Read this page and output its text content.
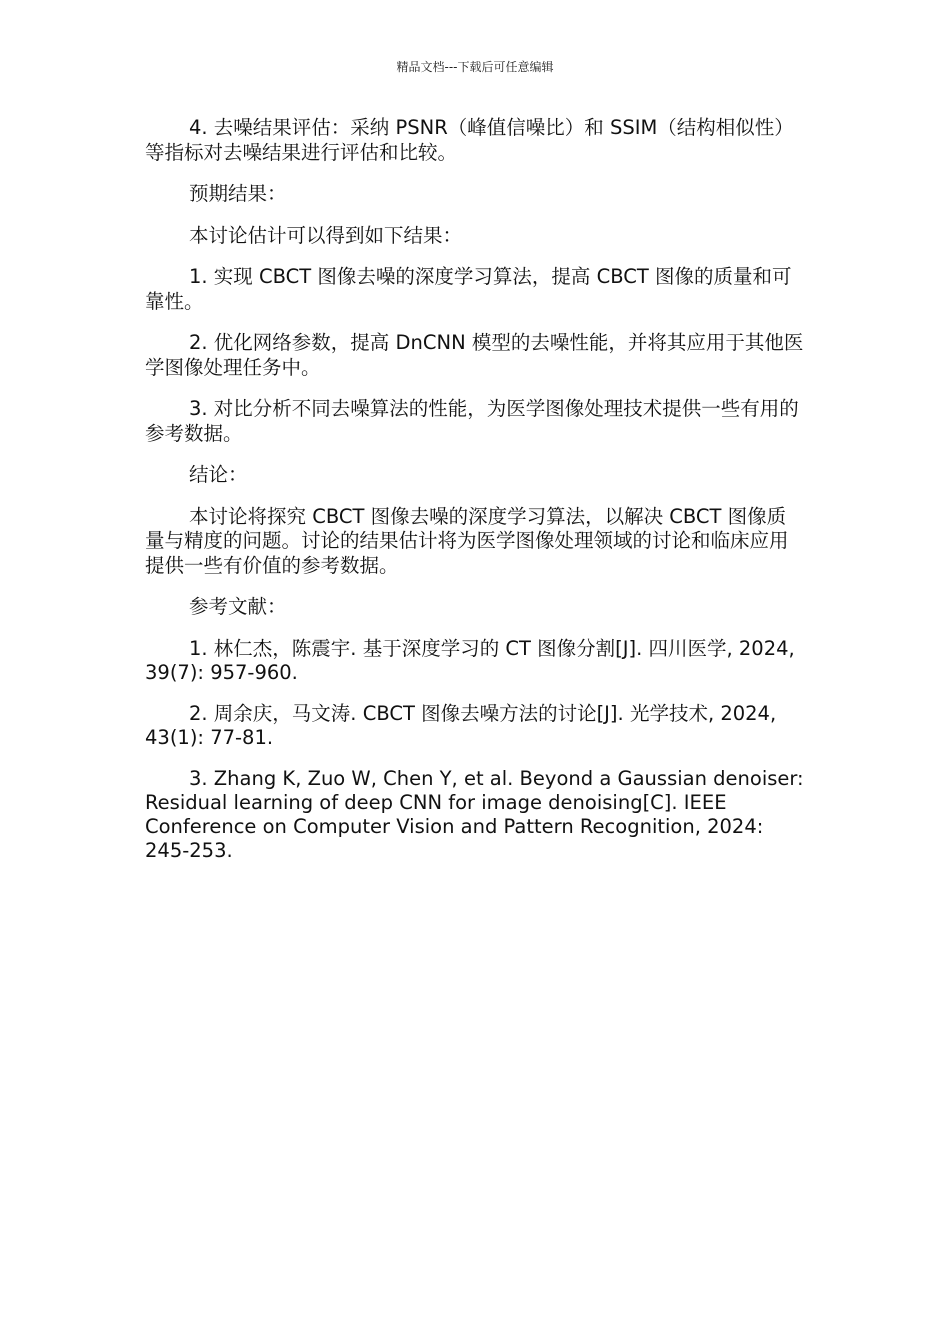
精品文档---下载后可任意编辑

4. 去噪结果评估：采纳 PSNR（峰值信噪比）和 SSIM（结构相似性）等指标对去噪结果进行评估和比较。

预期结果：

本讨论估计可以得到如下结果：

1. 实现 CBCT 图像去噪的深度学习算法，提高 CBCT 图像的质量和可靠性。

2. 优化网络参数，提高 DnCNN 模型的去噪性能，并将其应用于其他医学图像处理任务中。

3. 对比分析不同去噪算法的性能，为医学图像处理技术提供一些有用的参考数据。

结论：

本讨论将探究 CBCT 图像去噪的深度学习算法，以解决 CBCT 图像质量与精度的问题。讨论的结果估计将为医学图像处理领域的讨论和临床应用提供一些有价值的参考数据。

参考文献：

1. 林仁杰，陈震宇. 基于深度学习的 CT 图像分割[J]. 四川医学, 2024, 39(7): 957-960.

2. 周余庆，马文涛. CBCT 图像去噪方法的讨论[J]. 光学技术, 2024, 43(1): 77-81.

3. Zhang K, Zuo W, Chen Y, et al. Beyond a Gaussian denoiser: Residual learning of deep CNN for image denoising[C]. IEEE Conference on Computer Vision and Pattern Recognition, 2024: 245-253.
